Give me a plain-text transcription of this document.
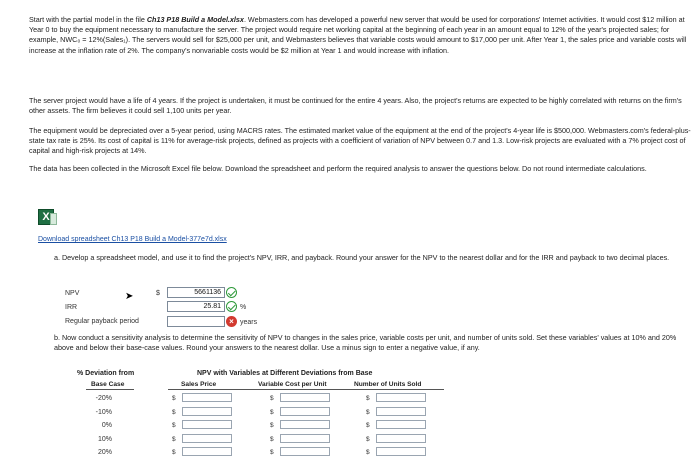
Start with the partial model in the file Ch13 P18 Build a Model.xlsx. Webmasters.com has developed a powerful new server that would be used for corporations' Internet activities. It would cost $12 million at Year 0 to buy the equipment necessary to manufacture the server. The project would require net working capital at the beginning of each year in an amount equal to 12% of the year's projected sales; for example, NWC₀ = 12%(Sales₁). The servers would sell for $25,000 per unit, and Webmasters believes that variable costs would amount to $17,000 per unit. After Year 1, the sales price and variable costs will increase at the inflation rate of 2%. The company's nonvariable costs would be $2 million at Year 1 and would increase with inflation.

The server project would have a life of 4 years. If the project is undertaken, it must be continued for the entire 4 years. Also, the project's returns are expected to be highly correlated with returns on the firm's other assets. The firm believes it could sell 1,100 units per year.

The equipment would be depreciated over a 5-year period, using MACRS rates. The estimated market value of the equipment at the end of the project's 4-year life is $500,000. Webmasters.com's federal-plus-state tax rate is 25%. Its cost of capital is 11% for average-risk projects, defined as projects with a coefficient of variation of NPV between 0.7 and 1.3. Low-risk projects are evaluated with a 7% project cost of capital and high-risk projects at 14%.

The data has been collected in the Microsoft Excel file below. Download the spreadsheet and perform the required analysis to answer the questions below. Do not round intermediate calculations.

X
Download spreadsheet Ch13 P18 Build a Model-377e7d.xlsx
a. Develop a spreadsheet model, and use it to find the project's NPV, IRR, and payback. Round your answer for the NPV to the nearest dollar and for the IRR and payback to two decimal places.
NPV	$	5661136
IRR	25.81	%
Regular payback period	× years
➤
b. Now conduct a sensitivity analysis to determine the sensitivity of NPV to changes in the sales price, variable costs per unit, and number of units sold. Set these variables' values at 10% and 20% above and below their base-case values. Round your answers to the nearest dollar. Use a minus sign to enter a negative value, if any.
% Deviation from	NPV with Variables at Different Deviations from Base
Base Case	Sales Price	Variable Cost per Unit	Number of Units Sold
-20%	$	$	$
-10%	$	$	$
0%	$	$	$
10%	$	$	$
20%	$	$	$
